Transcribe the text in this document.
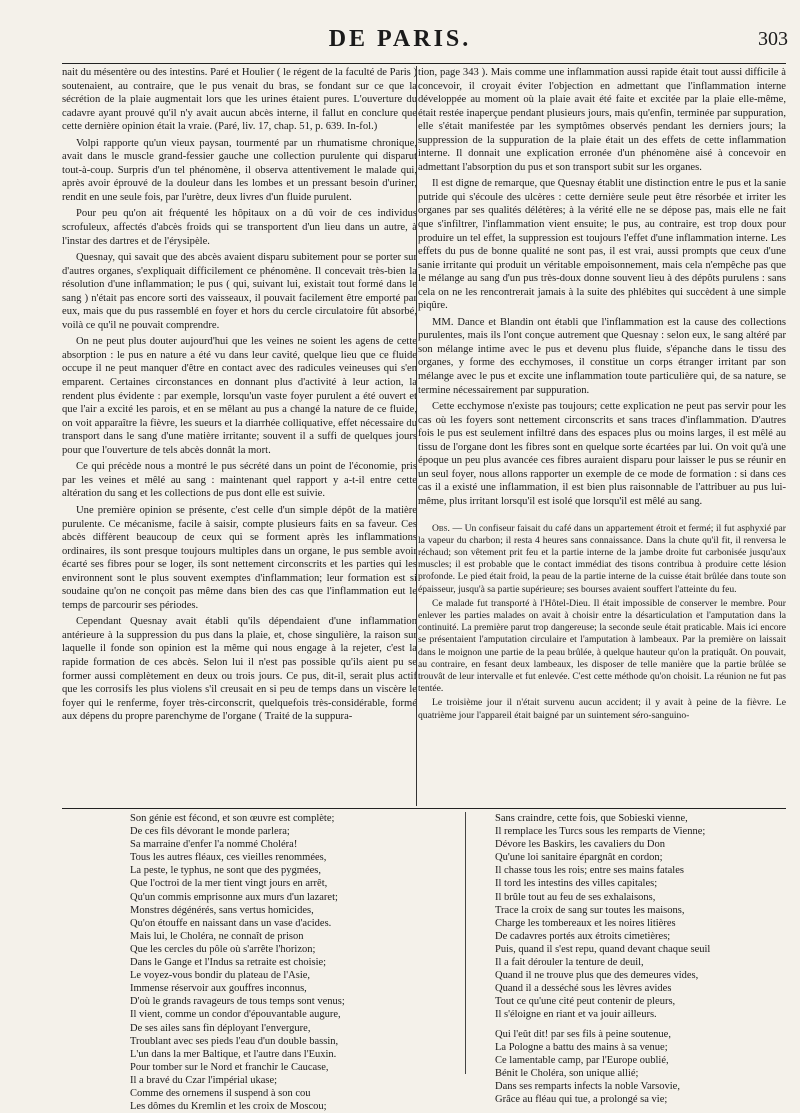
DE PARIS.	303

nait du mésentère ou des intestins. Paré et Houlier ( le régent de la faculté de Paris ) soutenaient, au contraire, que le pus venait du bras, se fondant sur ce que la sécrétion de la plaie augmentait lors que les urines étaient pures. L'ouverture du cadavre ayant prouvé qu'il n'y avait aucun abcès interne, il fallut en conclure que cette dernière opinion était la vraie. (Paré, liv. 17, chap. 51, p. 639. In-fol.)

Volpi rapporte qu'un vieux paysan, tourmenté par un rhumatisme chronique, avait dans le muscle grand-fessier gauche une collection purulente qui disparut tout-à-coup. Surpris d'un tel phénomène, il observa attentivement le malade qui, après avoir éprouvé de la douleur dans les lombes et un pressant besoin d'uriner, rendit en une seule fois, par l'urètre, deux livres d'un fluide purulent.

Pour peu qu'on ait fréquenté les hôpitaux on a dû voir de ces individus scrofuleux, affectés d'abcès froids qui se transportent d'un lieu dans un autre, à l'instar des dartres et de l'érysipèle.

Quesnay, qui savait que des abcès avaient disparu subitement pour se porter sur d'autres organes, s'expliquait difficilement ce phénomène. Il concevait très-bien la résolution d'une inflammation; le pus ( qui, suivant lui, existait tout formé dans le sang ) n'était pas encore sorti des vaisseaux, il pouvait facilement être emporté par eux, mais que du pus rassemblé en foyer et hors du cercle circulatoire fût absorbé, voilà ce qu'il ne pouvait comprendre.

On ne peut plus douter aujourd'hui que les veines ne soient les agens de cette absorption : le pus en nature a été vu dans leur cavité, quelque lieu que ce fluide occupe il ne peut manquer d'être en contact avec des radicules veineuses qui s'en emparent. Certaines circonstances en donnant plus d'activité à leur action, la rendent plus évidente : par exemple, lorsqu'un vaste foyer purulent a été ouvert et que l'air a excité les parois, et en se mêlant au pus a changé la nature de ce fluide, on voit apparaître la fièvre, les sueurs et la diarrhée colliquative, effet nécessaire du transport dans le sang d'une matière irritante; souvent il a suffi de quelques jours pour que l'ouverture de tels abcès donnât la mort.

Ce qui précède nous a montré le pus sécrété dans un point de l'économie, pris par les veines et mêlé au sang : maintenant quel rapport y a-t-il entre cette altération du sang et les collections de pus dont elle est suivie.

Une première opinion se présente, c'est celle d'un simple dépôt de la matière purulente. Ce mécanisme, facile à saisir, compte plusieurs faits en sa faveur. Ces abcès diffèrent beaucoup de ceux qui se forment après les inflammations ordinaires, ils sont presque toujours multiples dans un organe, le pus semble avoir écarté ses fibres pour se loger, ils sont nettement circonscrits et les parties qui les environnent sont le plus souvent exemptes d'inflammation; leur formation est si soudaine qu'on ne conçoit pas même dans bien des cas que l'inflammation eut le temps de parcourir ses périodes.

Cependant Quesnay avait établi qu'ils dépendaient d'une inflammation antérieure à la suppression du pus dans la plaie, et, chose singulière, la raison sur laquelle il fonde son opinion est la même qui nous engage à la rejeter, c'est la rapide formation de ces abcès. Selon lui il n'est pas possible qu'ils aient pu se former aussi complètement en deux ou trois jours. Ce pus, dit-il, serait plus actif que les corrosifs les plus violens s'il creusait en si peu de temps dans un viscère le foyer qui le renferme, foyer très-circonscrit, quelquefois très-considérable, formé aux dépens du propre parenchyme de l'organe ( Traité de la suppura-

tion, page 343 ). Mais comme une inflammation aussi rapide était tout aussi difficile à concevoir, il croyait éviter l'objection en admettant que l'inflammation interne développée au moment où la plaie avait été faite et excitée par la plaie elle-même, était restée inaperçue pendant plusieurs jours, mais qu'enfin, terminée par suppuration, elle s'était manifestée par les symptômes observés pendant les derniers jours; la suppression de la suppuration de la plaie était un des effets de cette inflammation interne. Il donnait une explication erronée d'un phénomène aisé à concevoir en admettant l'absorption du pus et son transport subit sur les organes.

Il est digne de remarque, que Quesnay établit une distinction entre le pus et la sanie putride qui s'écoule des ulcères : cette dernière seule peut être résorbée et irriter les organes par ses qualités délétères; à la vérité elle ne se dépose pas, mais elle ne fait que s'infiltrer, l'inflammation vient ensuite; le pus, au contraire, est trop doux pour produire un tel effet, la suppression est toujours l'effet d'une inflammation interne. Les effets du pus de bonne qualité ne sont pas, il est vrai, aussi prompts que ceux d'une sanie irritante qui produit un véritable empoisonnement, mais cela n'empêche pas que le mélange au sang d'un pus très-doux donne souvent lieu à des dépôts purulens : sans cela on ne les rencontrerait jamais à la suite des phlébites qui succèdent à une simple piqûre.

MM. Dance et Blandin ont établi que l'inflammation est la cause des collections purulentes, mais ils l'ont conçue autrement que Quesnay : selon eux, le sang altéré par son mélange intime avec le pus et devenu plus fluide, s'épanche dans le tissu des organes, y forme des ecchymoses, il constitue un corps étranger irritant par son mélange avec le pus et excite une inflammation toute particulière qui, de sa nature, se termine nécessairement par suppuration.

Cette ecchymose n'existe pas toujours; cette explication ne peut pas servir pour les cas où les foyers sont nettement circonscrits et sans traces d'inflammation. D'autres fois le pus est seulement infiltré dans des espaces plus ou moins larges, il est mêlé au tissu de l'organe dont les fibres sont en quelque sorte écartées par lui. On voit qu'à une époque un peu plus avancée ces fibres auraient disparu pour laisser le pus se réunir en un seul foyer, nous allons rapporter un exemple de ce mode de formation : si dans ces cas il a existé une inflammation, il est bien plus raisonnable de l'attribuer au pus lui-même, plus irritant lorsqu'il est isolé que lorsqu'il est mêlé au sang.

Obs. — Un confiseur faisait du café dans un appartement étroit et fermé; il fut asphyxié par la vapeur du charbon; il resta 4 heures sans connaissance. Dans la chute qu'il fit, il renversa le réchaud; son vêtement prit feu et la partie interne de la jambe droite fut carbonisée jusqu'aux muscles; il est probable que le contact immédiat des tisons contribua à produire cette lésion profonde. Le pied était froid, la peau de la partie interne de la cuisse était brûlée dans toute son épaisseur, jusqu'à sa partie supérieure; ses bourses avaient souffert l'atteinte du feu.

Ce malade fut transporté à l'Hôtel-Dieu. Il était impossible de conserver le membre. Pour enlever les parties malades on avait à choisir entre la désarticulation et l'amputation dans la continuité. La première parut trop dangereuse; la seconde seule était praticable. Mais ici encore se présentaient l'amputation circulaire et l'amputation à lambeaux. Par la première on laissait dans le moignon une partie de la peau brûlée, à quelque hauteur qu'on la pratiquât. On pouvait, au contraire, en fesant deux lambeaux, les disposer de telle manière que la partie brûlée se trouvât de leur intervalle et fut enlevée. C'est cette méthode qu'on choisit. La réunion ne fut pas tentée.

Le troisième jour il n'était survenu aucun accident; il y avait à peine de la fièvre. Le quatrième jour l'appareil était baigné par un suintement séro-sanguino-

Son génie est fécond, et son œuvre est complète;
De ces fils dévorant le monde parlera;
Sa marraine d'enfer l'a nommé Choléra!
Tous les autres fléaux, ces vieilles renommées,
La peste, le typhus, ne sont que des pygmées,
Que l'octroi de la mer tient vingt jours en arrêt,
Qu'un commis emprisonne aux murs d'un lazaret;
Monstres dégénérés, sans vertus homicides,
Qu'on étouffe en naissant dans un vase d'acides.
Mais lui, le Choléra, ne connaît de prison
Que les cercles du pôle où s'arrête l'horizon;
Dans le Gange et l'Indus sa retraite est choisie;
Le voyez-vous bondir du plateau de l'Asie,
Immense réservoir aux gouffres inconnus,
D'où le grands ravageurs de tous temps sont venus;
Il vient, comme un condor d'épouvantable augure,
De ses ailes sans fin déployant l'envergure,
Troublant avec ses pieds l'eau d'un double bassin,
L'un dans la mer Baltique, et l'autre dans l'Euxin.
Pour tomber sur le Nord et franchir le Caucase,
Il a bravé du Czar l'impérial ukase;
Comme des ornemens il suspend à son cou
Les dômes du Kremlin et les croix de Moscou;
Sans craindre, cette fois, que Sobieski vienne,
Il remplace les Turcs sous les remparts de Vienne;
Dévore les Baskirs, les cavaliers du Don
Qu'une loi sanitaire épargnât en cordon;
Il chasse tous les rois; entre ses mains fatales
Il tord les intestins des villes capitales;
Il brûle tout au feu de ses exhalaisons,
Trace la croix de sang sur toutes les maisons,
Charge les tombereaux et les noires litières
De cadavres portés aux étroits cimetières;
Puis, quand il s'est repu, quand devant chaque seuil
Il a fait dérouler la tenture de deuil,
Quand il ne trouve plus que des demeures vides,
Quand il a desséché sous les lèvres avides
Tout ce qu'une cité peut contenir de pleurs,
Il s'éloigne en riant et va jouir ailleurs.
Qui l'eût dit! par ses fils à peine soutenue,
La Pologne a battu des mains à sa venue;
Ce lamentable camp, par l'Europe oublié,
Bénit le Choléra, son unique allié;
Dans ses remparts infects la noble Varsovie,
Grâce au fléau qui tue, a prolongé sa vie;
